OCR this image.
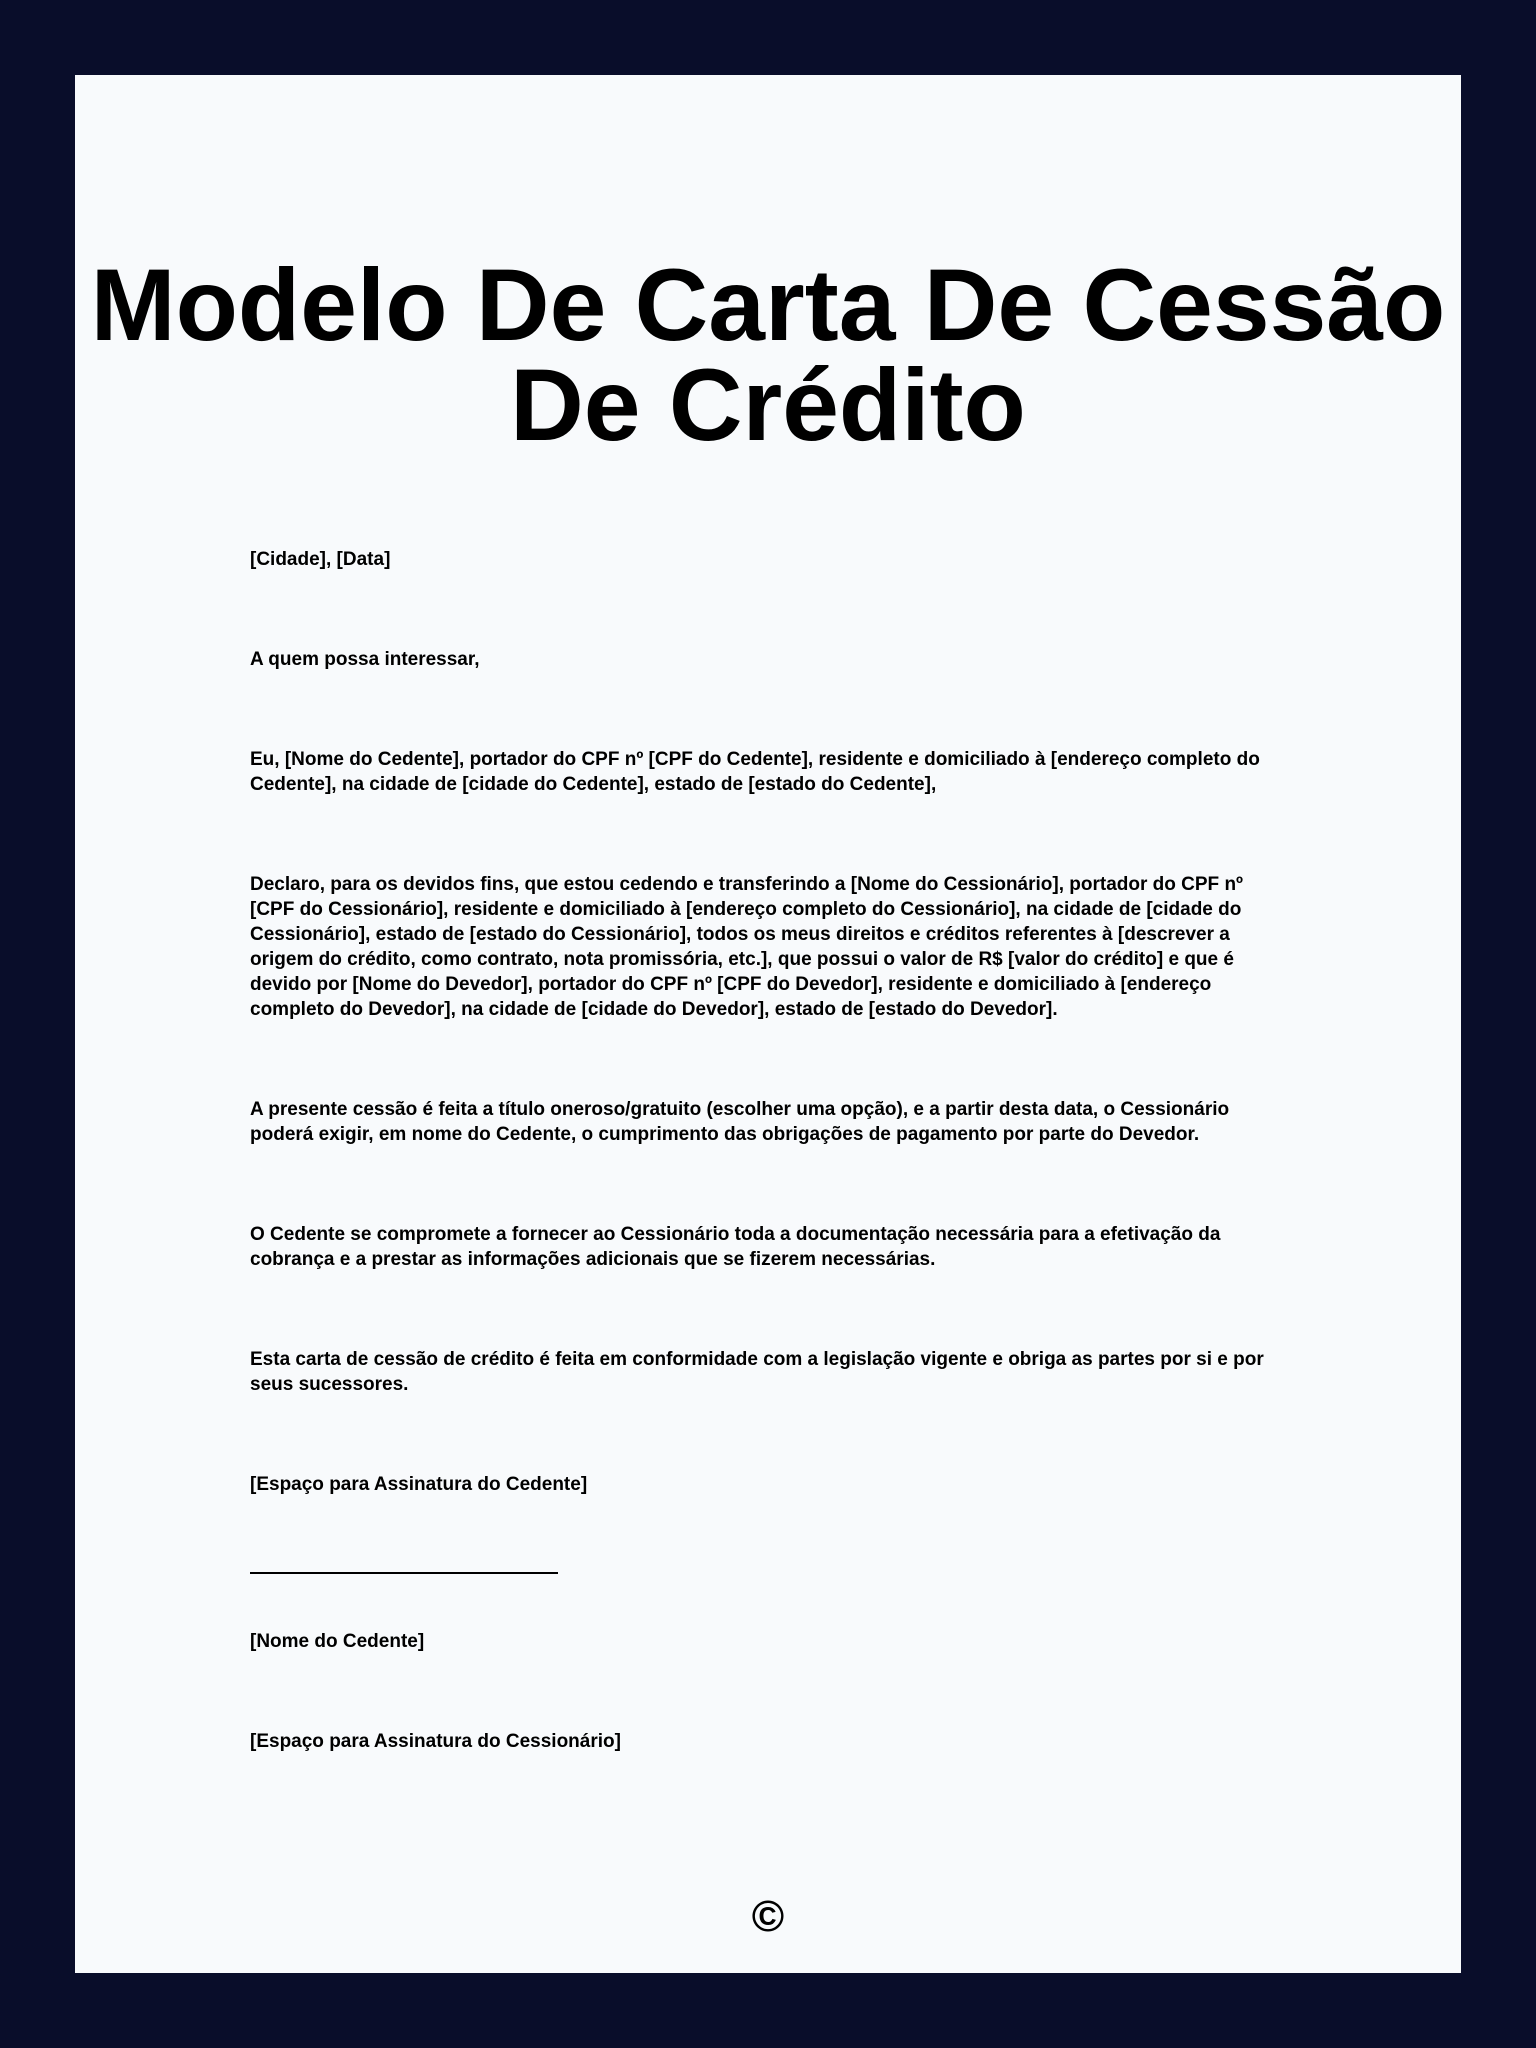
Modelo De Carta De Cessão De Crédito

[Cidade], [Data]

A quem possa interessar,

Eu, [Nome do Cedente], portador do CPF nº [CPF do Cedente], residente e domiciliado à [endereço completo do Cedente], na cidade de [cidade do Cedente], estado de [estado do Cedente],

Declaro, para os devidos fins, que estou cedendo e transferindo a [Nome do Cessionário], portador do CPF nº [CPF do Cessionário], residente e domiciliado à [endereço completo do Cessionário], na cidade de [cidade do Cessionário], estado de [estado do Cessionário], todos os meus direitos e créditos referentes à [descrever a origem do crédito, como contrato, nota promissória, etc.], que possui o valor de R$ [valor do crédito] e que é devido por [Nome do Devedor], portador do CPF nº [CPF do Devedor], residente e domiciliado à [endereço completo do Devedor], na cidade de [cidade do Devedor], estado de [estado do Devedor].

A presente cessão é feita a título oneroso/gratuito (escolher uma opção), e a partir desta data, o Cessionário poderá exigir, em nome do Cedente, o cumprimento das obrigações de pagamento por parte do Devedor.

O Cedente se compromete a fornecer ao Cessionário toda a documentação necessária para a efetivação da cobrança e a prestar as informações adicionais que se fizerem necessárias.

Esta carta de cessão de crédito é feita em conformidade com a legislação vigente e obriga as partes por si e por seus sucessores.

[Espaço para Assinatura do Cedente]

[Nome do Cedente]

[Espaço para Assinatura do Cessionário]

©
